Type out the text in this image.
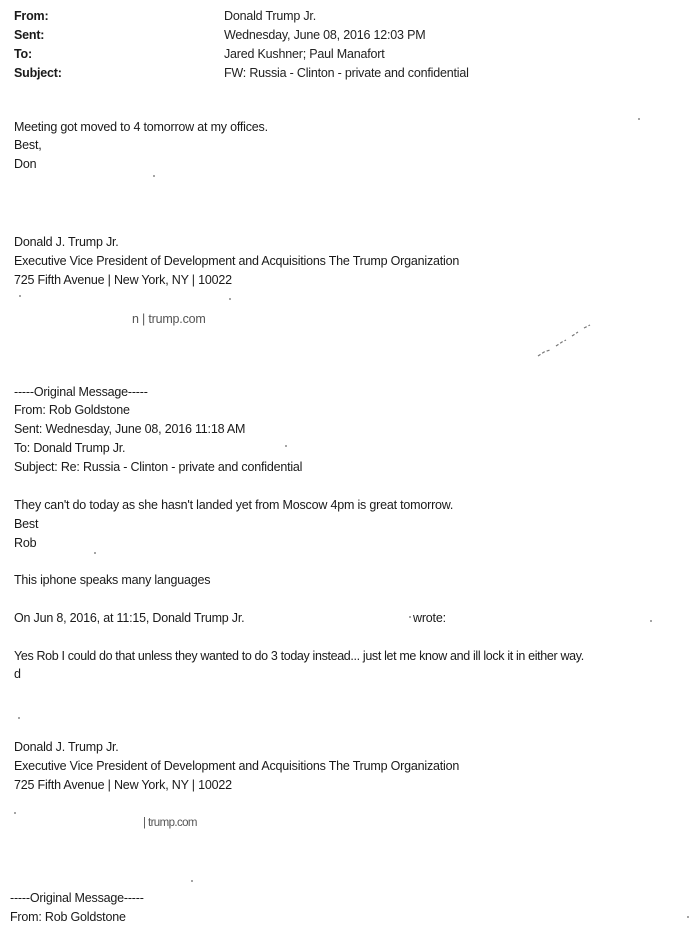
From:	Donald Trump Jr.
Sent:	Wednesday, June 08, 2016 12:03 PM
To:	Jared Kushner; Paul Manafort
Subject:	FW: Russia - Clinton - private and confidential
Meeting got moved to 4 tomorrow at my offices.
Best,
Don
Donald J. Trump Jr.
Executive Vice President of Development and Acquisitions The Trump Organization
725 Fifth Avenue | New York, NY | 10022
n | trump.com
-----Original Message-----
From: Rob Goldstone
Sent: Wednesday, June 08, 2016 11:18 AM
To: Donald Trump Jr.
Subject: Re: Russia - Clinton - private and confidential
They can't do today as she hasn't landed yet from Moscow 4pm is great tomorrow.
Best
Rob
This iphone speaks many languages
On Jun 8, 2016, at 11:15, Donald Trump Jr.	wrote:
Yes Rob I could do that unless they wanted to do 3 today instead... just let me know and ill lock it in either way.
d
Donald J. Trump Jr.
Executive Vice President of Development and Acquisitions The Trump Organization
725 Fifth Avenue | New York, NY | 10022
| trump.com
-----Original Message-----
From: Rob Goldstone
